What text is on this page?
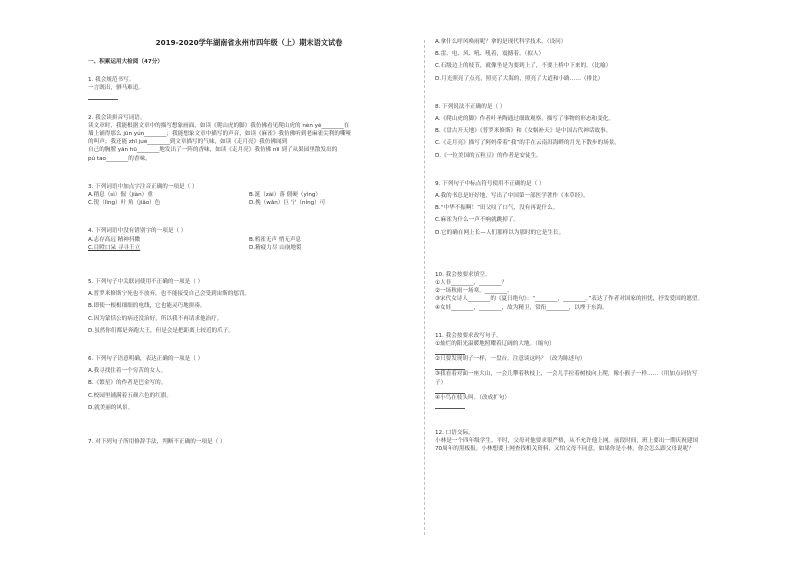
2019-2020学年湖南省永州市四年级（上）期末语文试卷

一、积累运用大检阅（47分）

1. 我会规范书写。

一言既出，驷马难追。

2. 我会读拼音写词语。

读文章时，我能根据文章中的描写想象画面，如读《爬山虎的脚》我仿佛看见爬山虎的 nèn yè________在

墙上铺得那么 jūn yún________；我能想象文章中描写的声音，如读《麻雀》我仿佛听到老麻雀尖利的嘶哑

的叫声；我还能 zhī jué________到文章描写的气味，如读《走月亮》我仿佛闻到

自己的胸膛 yān hū________地发出了一阵的香味，如读《走月亮》我仿佛 nīi 到了从果园里散发出的

pú tao________的香味。

3. 下列词语中加点字注音正确的一项是（ ）

A.稍息（sì）倔（jiàn）重	B.涎（zài）落 僵硬（yìng）
C.锐（lìng）叶 角（jiǎo）色	D.挽（wǎn）巨 宁（níng）可

4. 下列词语中没有错别字的一项是（ ）

A.志存高远 精神抖擞	B.鸦雀无声 悄无声息
C.目瞪口呆 寻寻王立	D.精疲力尽 山崩地裂

5. 下列句子中关联词使用不正确的一项是（ ）

A.普罗米修斯宁死也不放弃，也不能接受自己会受到宙斯的惩罚。

B.即使一根根细细的电线，它也能灵巧地拼凑。

C.因为蒙恬公的病还没治好，所以我不再请求他治疗。

D.虽然你们都是奔跑大王，但是会是把距离上较近的爪子。

6. 下列句子语意明确，表达正确的一项是（ ）

A.我寻找住着一个穷苦的女人。

B.《繁星》的作者是巴金写的。

C.校园里铺满着五颜六色的红旗。

D.就美丽的风景。

7. 对下列句子所用修辞手法，判断不正确的一项是（ ）

A.拿什么呼风唤雨呢？拿的是现代科学技术。（设问）

B.雷、电、风、吼、吼着，震撼着。（拟人）

C.石级边上的枝节，就像坐是为要到上了，不要上桥中下来的。（比喻）

D.月光照亮了点亮，照亮了大海的，照亮了大道和小路……（排比）

8. 下列说法不正确的是（ ）

A.《爬山虎的脚》作者叶圣陶通过细致观察，描写了事物的形态和变化。

B.《盘古开天地》《普罗米修斯》和《女娲补天》是中国古代神话故事。

C.《走月亮》描写了阿妈带着“我”的手在云南洱海畔的月光下散步的场景。

D.《一位美国的五粒豆》的作者是安徒生。

9. 下列句子中标点符号使用不正确的是（ ）

A.我的书总是好好地，写出了中国第一部医学著作《本草经》。

B.“中华不振啊！”田父叹了口气，没有再说什么。

C.麻雀为什么一声不响就跳掉了。

D.它的确在网上长—人们那样以为那时的它是生长。

10. 我会按要求填空。

①人非________，________？

②一场秋雨一场寒，________。

③宋代女诗人________的《夏日绝句》：“________，________。”表达了作者对国家的担忧，抒发爱国的愿望。

④女娃________，________，故为精卫，常衔________，以堙于东海。

11. 我会按要求改写句子。

①灿烂的阳光温暖地照耀着辽阔的大地。（缩句）

②只要发现胡子一样，一盘台。注意谈这吗？（改为陈述句）

③我看着对面一座大山，一会儿攀着秋枝上，一会儿手拉着树枝向上爬，像小猴子一样……（用加点词仿写

子）

④小鸟在枝头叫。（改成扩句）

12. 口语交际。

小林是一个四年级学生。平时，父母对他要求很严格，从不允许他上网。前段时间，班上要出一期庆祝建国

70周年的黑板报。小林想要上网查找相关资料，又怕父母不同意。如果你是小林，你会怎么跟父母说呢？
